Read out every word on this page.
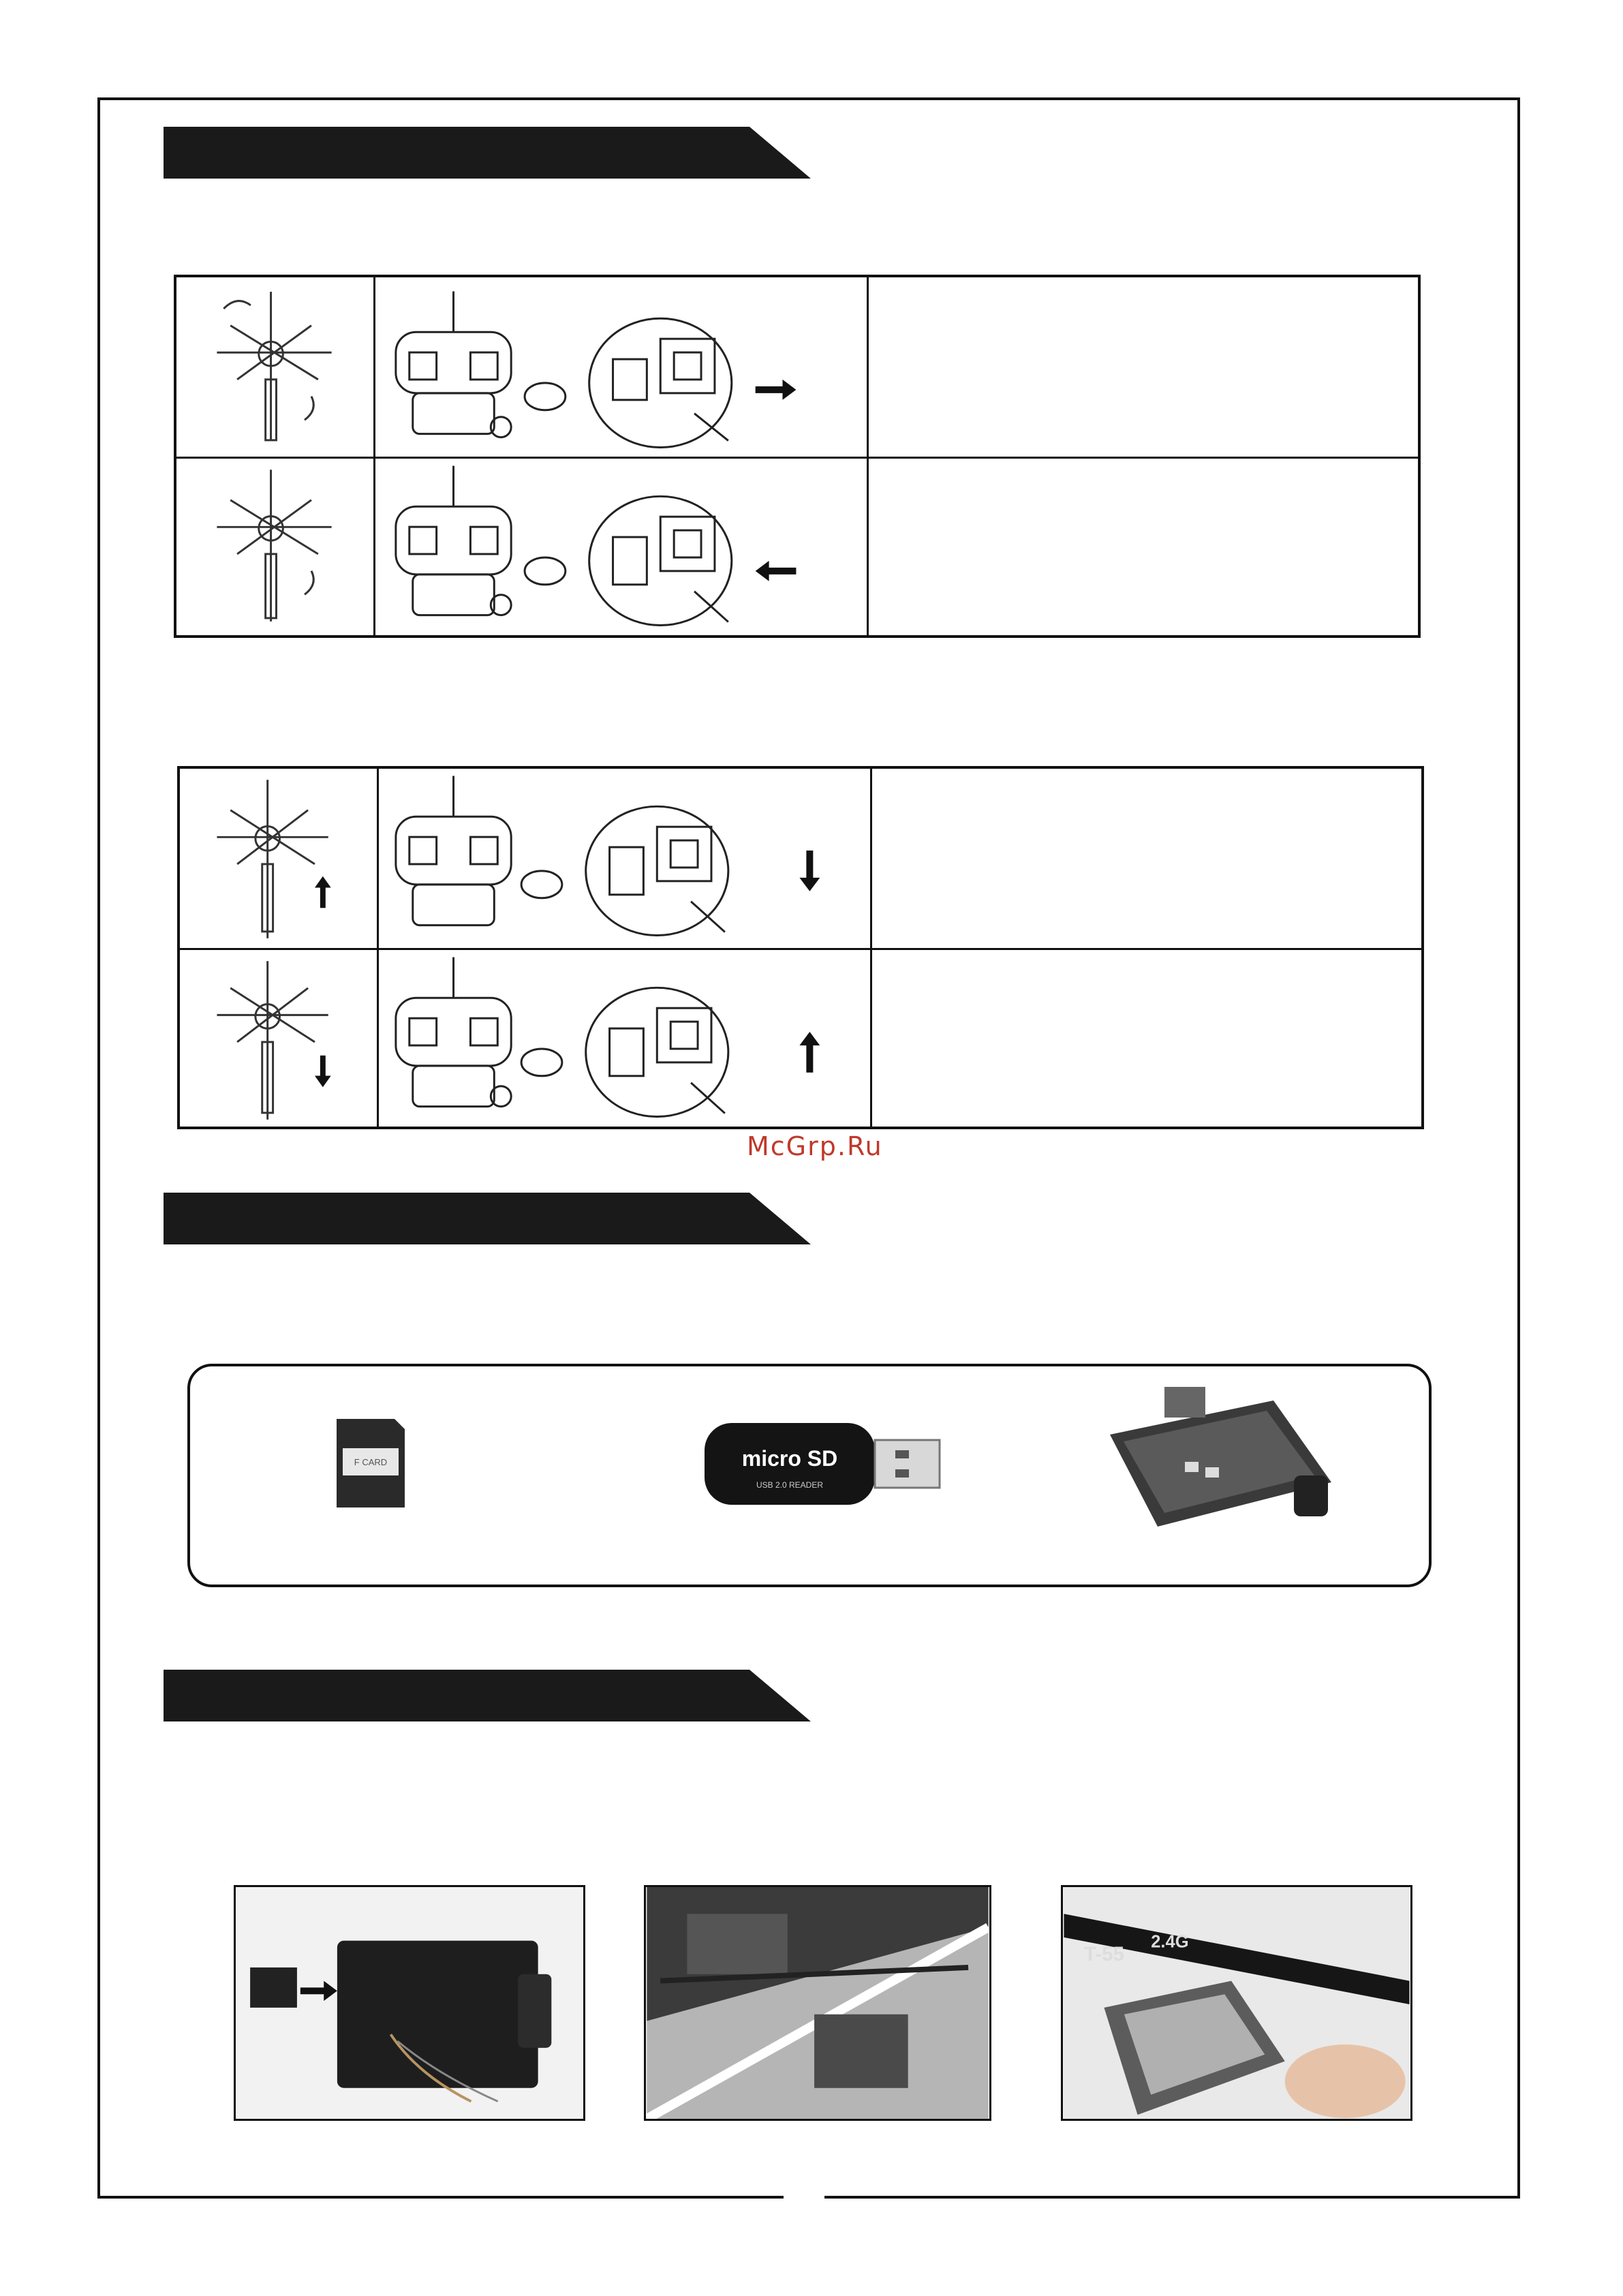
McGrp.Ru
F CARD	micro SD
USB 2.0 READER
T-55
2.4G
